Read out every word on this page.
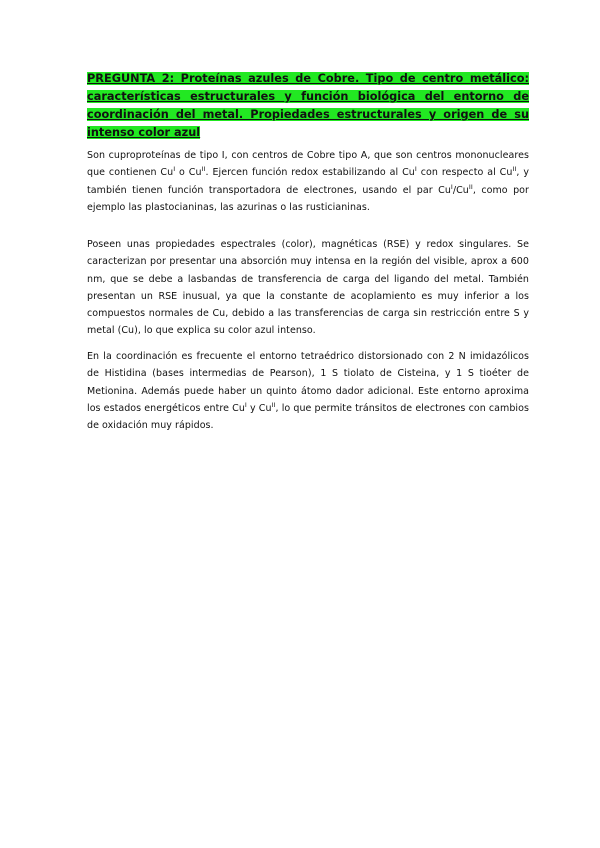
PREGUNTA 2: Proteínas azules de Cobre. Tipo de centro metálico: características estructurales y función biológica del entorno de coordinación del metal. Propiedades estructurales y origen de su intenso color azul

Son cuproproteínas de tipo I, con centros de Cobre tipo A, que son centros mononucleares que contienen $Cu^I$ o $Cu^{II}$. Ejercen función redox estabilizando al $Cu^I$ con respecto al $Cu^{II}$, y también tienen función transportadora de electrones, usando el par $Cu^I/Cu^{II}$, como por ejemplo las plastocianinas, las azurinas o las rusticianinas.

Poseen unas propiedades espectrales (color), magnéticas (RSE) y redox singulares. Se caracterizan por presentar una absorción muy intensa en la región del visible, aprox a 600 nm, que se debe a lasbandas de transferencia de carga del ligando del metal. También presentan un RSE inusual, ya que la constante de acoplamiento es muy inferior a los compuestos normales de Cu, debido a las transferencias de carga sin restricción entre S y metal (Cu), lo que explica su color azul intenso.

En la coordinación es frecuente el entorno tetraédrico distorsionado con 2 N imidazólicos de Histidina (bases intermedias de Pearson), 1 S tiolato de Cisteina, y 1 S tioéter de Metionina. Además puede haber un quinto átomo dador adicional. Este entorno aproxima los estados energéticos entre $Cu^I$ y $Cu^{II}$, lo que permite tránsitos de electrones con cambios de oxidación muy rápidos.
